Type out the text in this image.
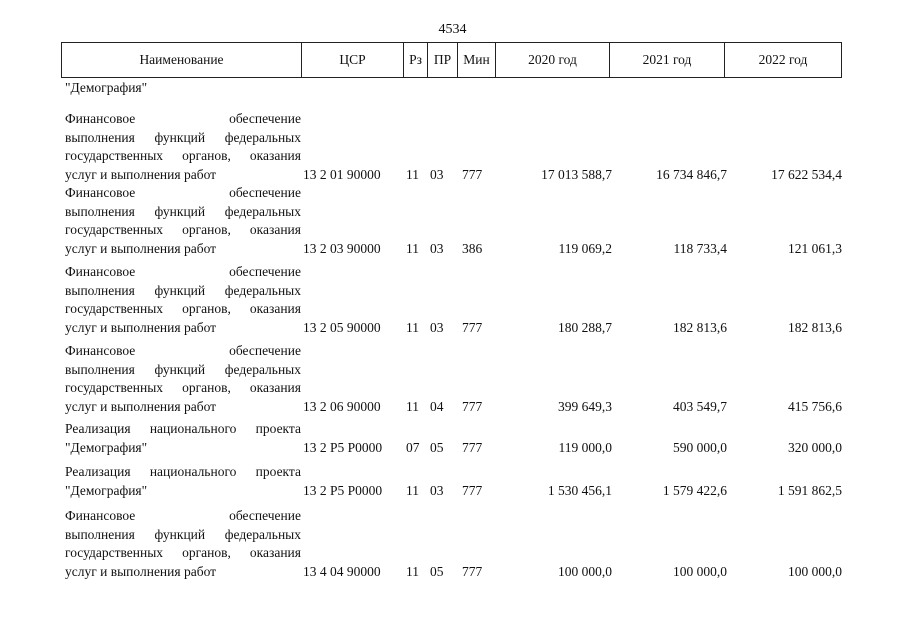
4534
Наименование	ЦСР	Рз ПР Мин	2020 год	2021 год	2022 год
"Демография"
Финансовое обеспечение
выполнения функций федеральных
государственных органов, оказания
услуг и выполнения работ	13 2 01 90000 11 03 777	17 013 588,7	16 734 846,7	17 622 534,4
Финансовое обеспечение
выполнения функций федеральных
государственных органов, оказания
услуг и выполнения работ	13 2 03 90000 11 03 386	119 069,2	118 733,4	121 061,3
Финансовое обеспечение
выполнения функций федеральных
государственных органов, оказания
услуг и выполнения работ	13 2 05 90000 11 03 777	180 288,7	182 813,6	182 813,6
Финансовое обеспечение
выполнения функций федеральных
государственных органов, оказания
услуг и выполнения работ	13 2 06 90000 11 04 777	399 649,3	403 549,7	415 756,6
Реализация национального проекта
"Демография"	13 2 P5 P0000 07 05 777	119 000,0	590 000,0	320 000,0
Реализация национального проекта
"Демография"	13 2 P5 P0000 11 03 777	1 530 456,1	1 579 422,6	1 591 862,5
Финансовое обеспечение
выполнения функций федеральных
государственных органов, оказания
услуг и выполнения работ	13 4 04 90000 11 05 777	100 000,0	100 000,0	100 000,0
